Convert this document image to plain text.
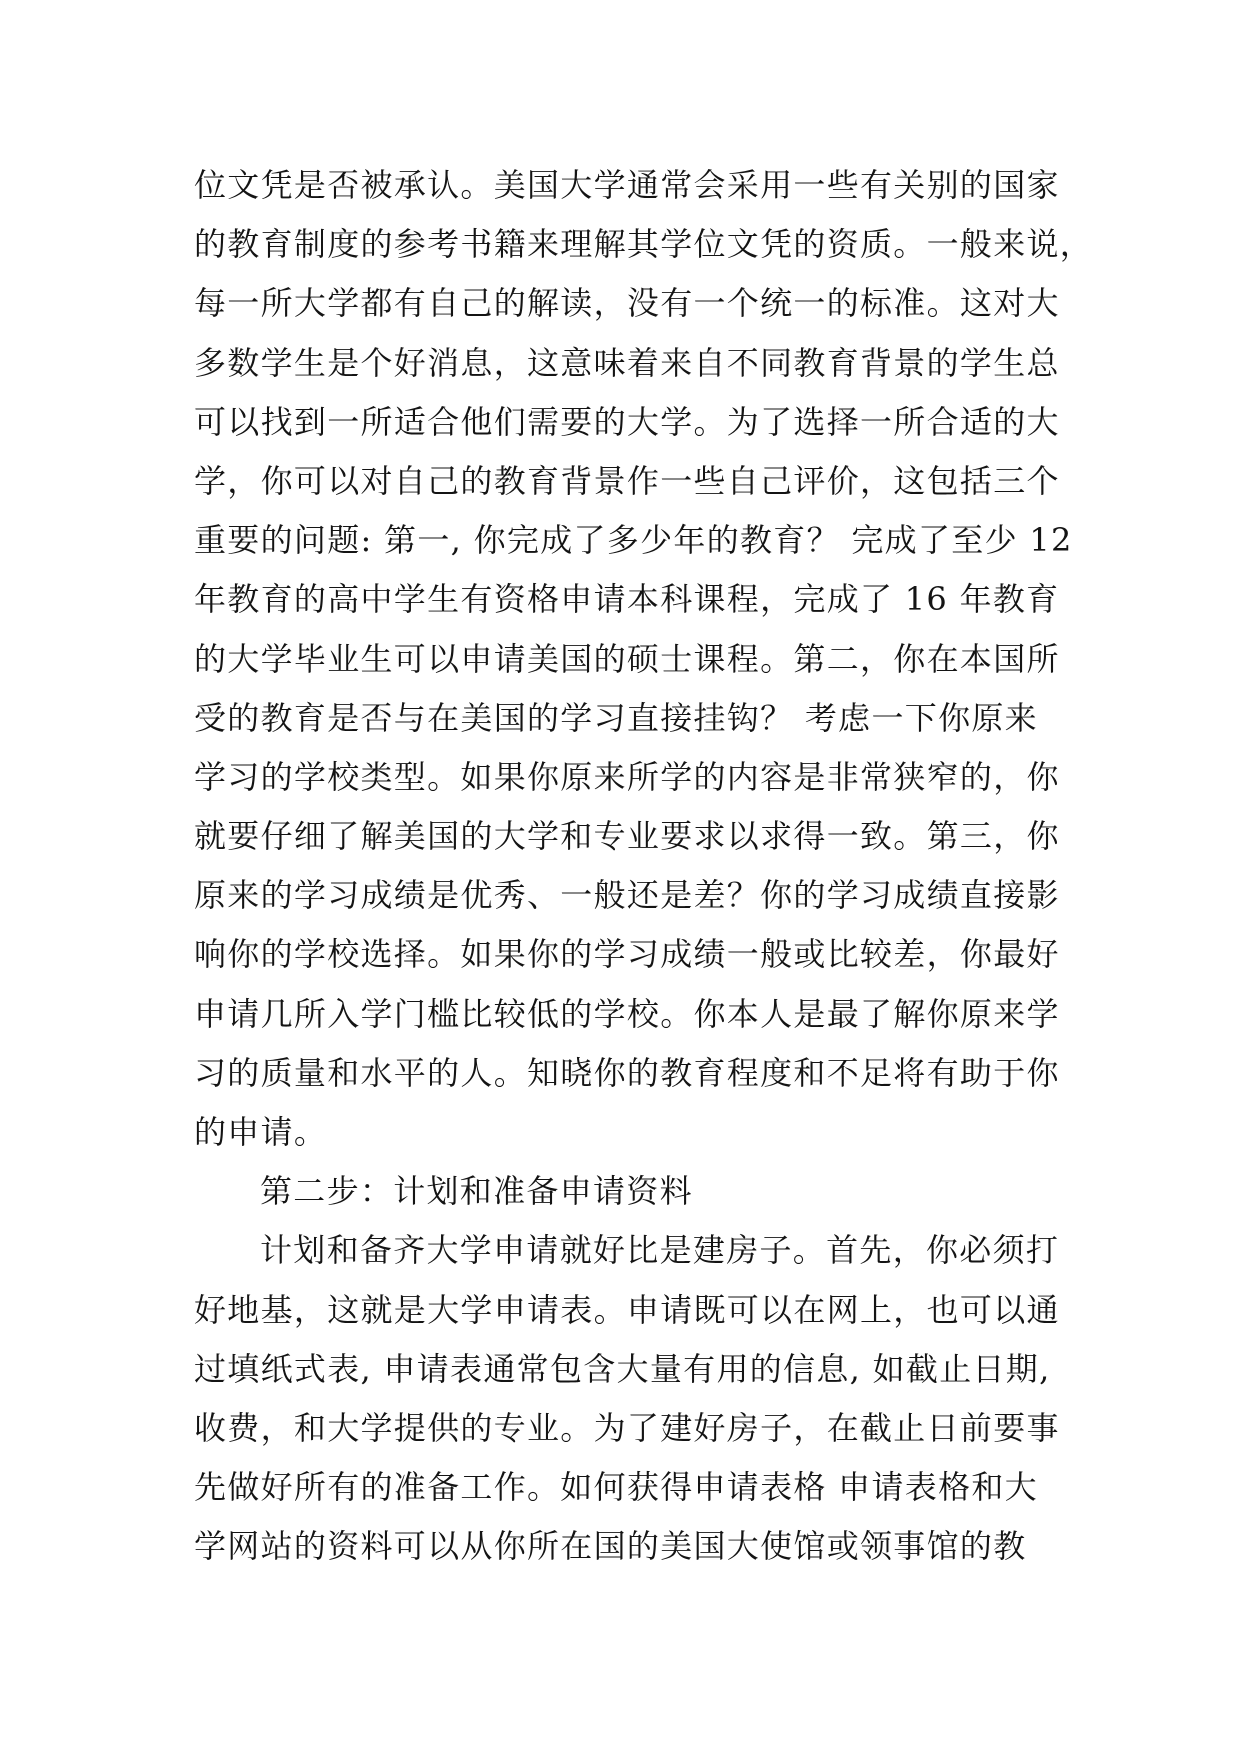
位文凭是否被承认。美国大学通常会采用一些有关别的国家
的教育制度的参考书籍来理解其学位文凭的资质。一般来说，
每一所大学都有自己的解读，没有一个统一的标准。这对大
多数学生是个好消息，这意味着来自不同教育背景的学生总
可以找到一所适合他们需要的大学。为了选择一所合适的大
学，你可以对自己的教育背景作一些自己评价，这包括三个
重要的问题: 第一, 你完成了多少年的教育？ 完成了至少 12
年教育的高中学生有资格申请本科课程，完成了 16 年教育
的大学毕业生可以申请美国的硕士课程。第二，你在本国所
受的教育是否与在美国的学习直接挂钩？ 考虑一下你原来
学习的学校类型。如果你原来所学的内容是非常狭窄的，你
就要仔细了解美国的大学和专业要求以求得一致。第三，你
原来的学习成绩是优秀、一般还是差？你的学习成绩直接影
响你的学校选择。如果你的学习成绩一般或比较差，你最好
申请几所入学门槛比较低的学校。你本人是最了解你原来学
习的质量和水平的人。知晓你的教育程度和不足将有助于你
的申请。
第二步：计划和准备申请资料
计划和备齐大学申请就好比是建房子。首先，你必须打
好地基，这就是大学申请表。申请既可以在网上，也可以通
过填纸式表, 申请表通常包含大量有用的信息, 如截止日期,
收费，和大学提供的专业。为了建好房子，在截止日前要事
先做好所有的准备工作。如何获得申请表格 申请表格和大
学网站的资料可以从你所在国的美国大使馆或领事馆的教
